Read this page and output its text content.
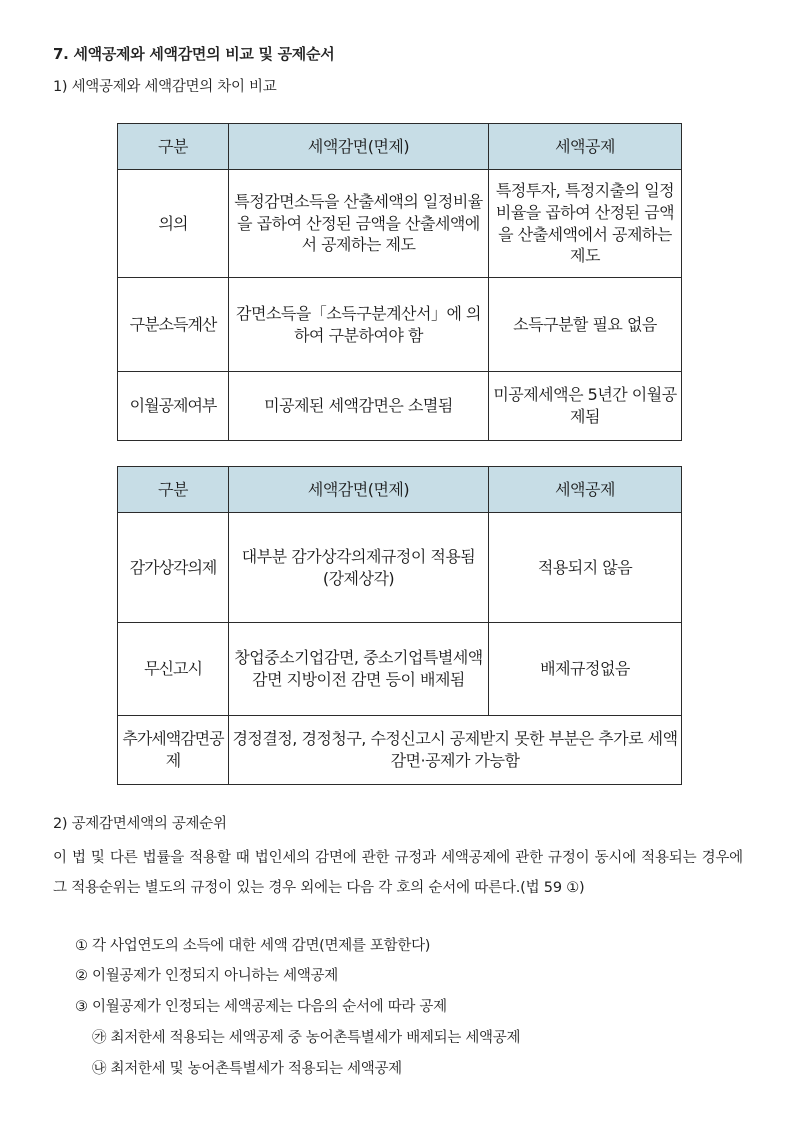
7. 세액공제와 세액감면의 비교 및 공제순서
1) 세액공제와 세액감면의 차이 비교
구분	세액감면(면제)	세액공제
의의	특정감면소득을 산출세액의 일정비율을 곱하여 산정된 금액을 산출세액에서 공제하는 제도	특정투자, 특정지출의 일정비율을 곱하여 산정된 금액을 산출세액에서 공제하는 제도
구분소득계산	감면소득을「소득구분계산서」에 의하여 구분하여야 함	소득구분할 필요 없음
이월공제여부	미공제된 세액감면은 소멸됨	미공제세액은 5년간 이월공제됨
구분	세액감면(면제)	세액공제
감가상각의제	대부분 감가상각의제규정이 적용됨(강제상각)	적용되지 않음
무신고시	창업중소기업감면, 중소기업특별세액감면 지방이전 감면 등이 배제됨	배제규정없음
추가세액감면공제	경정결정, 경정청구, 수정신고시 공제받지 못한 부분은 추가로 세액감면·공제가 가능함	
2) 공제감면세액의 공제순위
이 법 및 다른 법률을 적용할 때 법인세의 감면에 관한 규정과 세액공제에 관한 규정이 동시에 적용되는 경우에 그 적용순위는 별도의 규정이 있는 경우 외에는 다음 각 호의 순서에 따른다.(법 59 ①)
① 각 사업연도의 소득에 대한 세액 감면(면제를 포함한다)
② 이월공제가 인정되지 아니하는 세액공제
③ 이월공제가 인정되는 세액공제는 다음의 순서에 따라 공제
㉮ 최저한세 적용되는 세액공제 중 농어촌특별세가 배제되는 세액공제
㉯ 최저한세 및 농어촌특별세가 적용되는 세액공제
